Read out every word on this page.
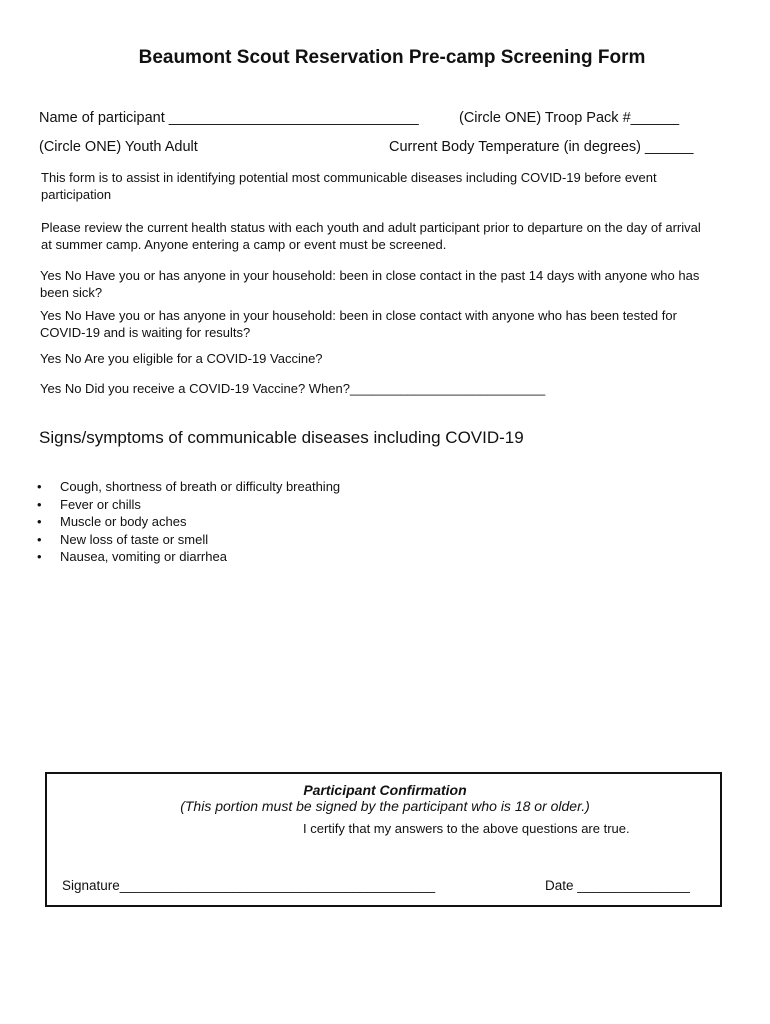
Beaumont Scout Reservation Pre-camp Screening Form
Name of participant _______________________________	(Circle ONE) Troop Pack #______
(Circle ONE) Youth Adult	Current Body Temperature (in degrees) ______
This form is to assist in identifying potential most communicable diseases including COVID-19 before event participation
Please review the current health status with each youth and adult participant prior to departure on the day of arrival at summer camp. Anyone entering a camp or event must be screened.
Yes No Have you or has anyone in your household: been in close contact in the past 14 days with anyone who has been sick?
Yes No Have you or has anyone in your household: been in close contact with anyone who has been tested for COVID-19 and is waiting for results?
Yes No Are you eligible for a COVID-19 Vaccine?
Yes No Did you receive a COVID-19 Vaccine? When?___________________________
Signs/symptoms of communicable diseases including COVID-19
• Cough, shortness of breath or difficulty breathing
• Fever or chills
• Muscle or body aches
• New loss of taste or smell
• Nausea, vomiting or diarrhea
Participant Confirmation
(This portion must be signed by the participant who is 18 or older.)
I certify that my answers to the above questions are true.
Signature__________________________________________	Date _______________
